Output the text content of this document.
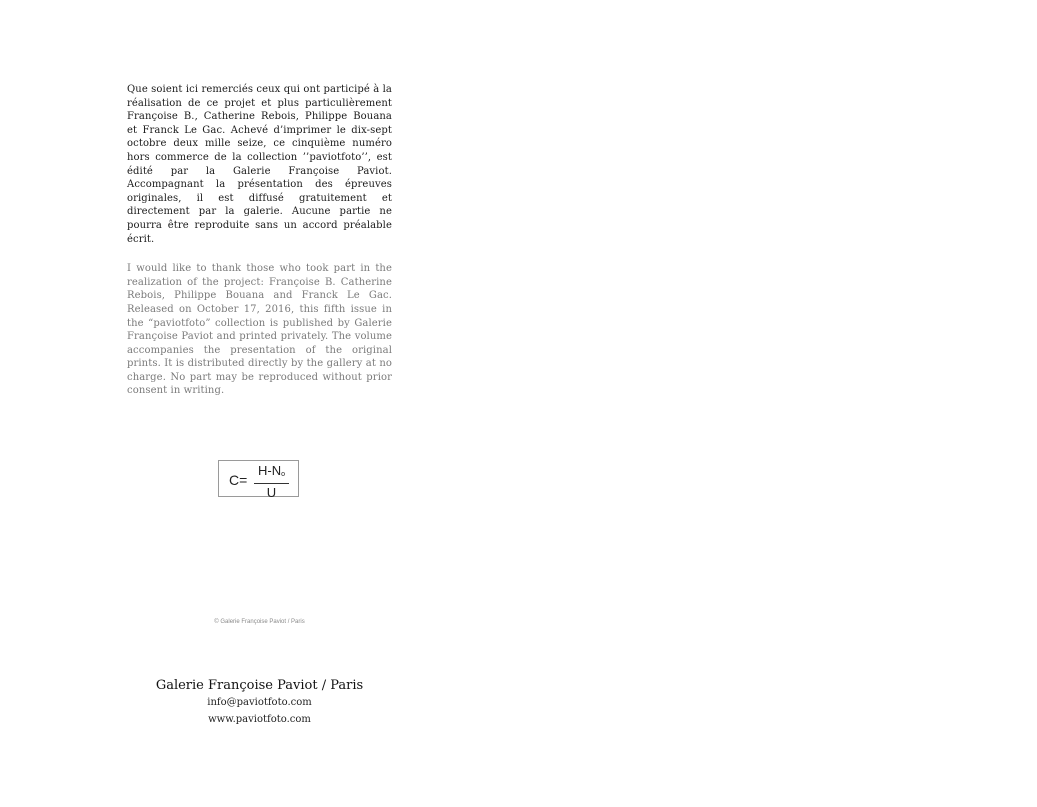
Que soient ici remerciés ceux qui ont participé à la réalisation de ce projet et plus particulièrement Françoise B., Catherine Rebois, Philippe Bouana et Franck Le Gac. Achevé d’imprimer le dix-sept octobre deux mille seize, ce cinquième numéro hors commerce de la collection ’’paviotfoto’’, est édité par la Galerie Françoise Paviot. Accompagnant la présentation des épreuves originales, il est diffusé gratuitement et directement par la galerie. Aucune partie ne pourra être reproduite sans un accord préalable écrit.

I would like to thank those who took part in the realization of the project: Françoise B. Catherine Rebois, Philippe Bouana and Franck Le Gac. Released on October 17, 2016, this fifth issue in the “paviotfoto” collection is published by Galerie Françoise Paviot and printed privately. The volume accompanies the presentation of the original prints. It is distributed directly by the gallery at no charge. No part may be reproduced without prior consent in writing.

C=
$H-N_o$
U
© Galerie Françoise Paviot / Paris
Galerie Françoise Paviot / Paris
info@paviotfoto.com
www.paviotfoto.com
